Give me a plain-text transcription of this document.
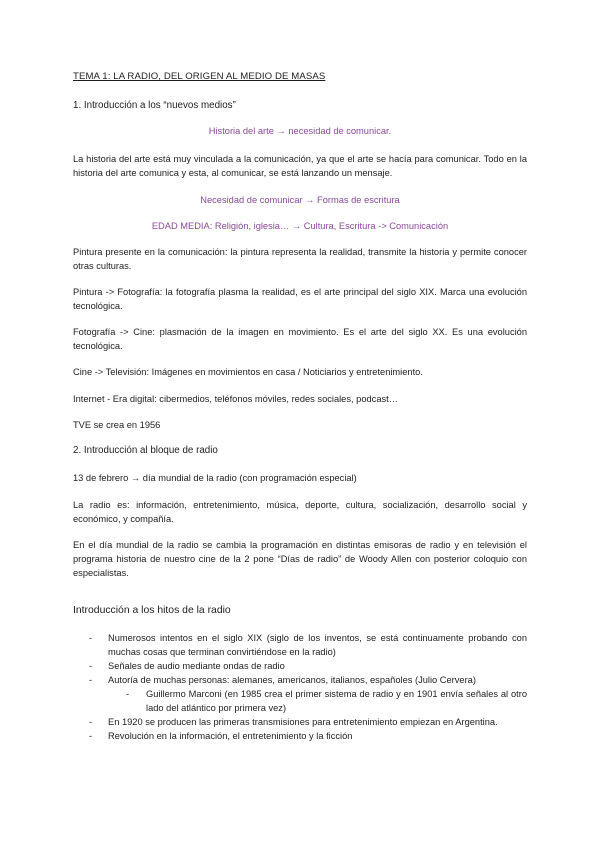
TEMA 1: LA RADIO, DEL ORIGEN AL MEDIO DE MASAS
1. Introducción a los “nuevos medios”
Historia del arte → necesidad de comunicar.
La historia del arte está muy vinculada a la comunicación, ya que el arte se hacía para comunicar. Todo en la historia del arte comunica y esta, al comunicar, se está lanzando un mensaje.
Necesidad de comunicar → Formas de escritura
EDAD MEDIA: Religión, iglesia… → Cultura, Escritura -> Comunicación
Pintura presente en la comunicación: la pintura representa la realidad, transmite la historia y permite conocer otras culturas.
Pintura -> Fotografía: la fotografía plasma la realidad, es el arte principal del siglo XIX. Marca una evolución tecnológica.
Fotografía -> Cine: plasmación de la imagen en movimiento. Es el arte del siglo XX. Es una evolución tecnológica.
Cine -> Televisión: Imágenes en movimientos en casa / Noticiarios y entretenimiento.
Internet - Era digital: cibermedios, teléfonos móviles, redes sociales, podcast…
TVE se crea en 1956
2. Introducción al bloque de radio
13 de febrero → día mundial de la radio (con programación especial)
La radio es: información, entretenimiento, música, deporte, cultura, socialización, desarrollo social y económico, y compañía.
En el día mundial de la radio se cambia la programación en distintas emisoras de radio y en televisión el programa historia de nuestro cine de la 2 pone “Días de radio” de Woody Allen con posterior coloquio con especialistas.
Introducción a los hitos de la radio
- Numerosos intentos en el siglo XIX (siglo de los inventos, se está continuamente probando con muchas cosas que terminan convirtiéndose en la radio)
- Señales de audio mediante ondas de radio
- Autoría de muchas personas: alemanes, americanos, italianos, españoles (Julio Cervera)
- Guillermo Marconi (en 1985 crea el primer sistema de radio y en 1901 envía señales al otro lado del atlántico por primera vez)
- En 1920 se producen las primeras transmisiones para entretenimiento empiezan en Argentina.
- Revolución en la información, el entretenimiento y la ficción
